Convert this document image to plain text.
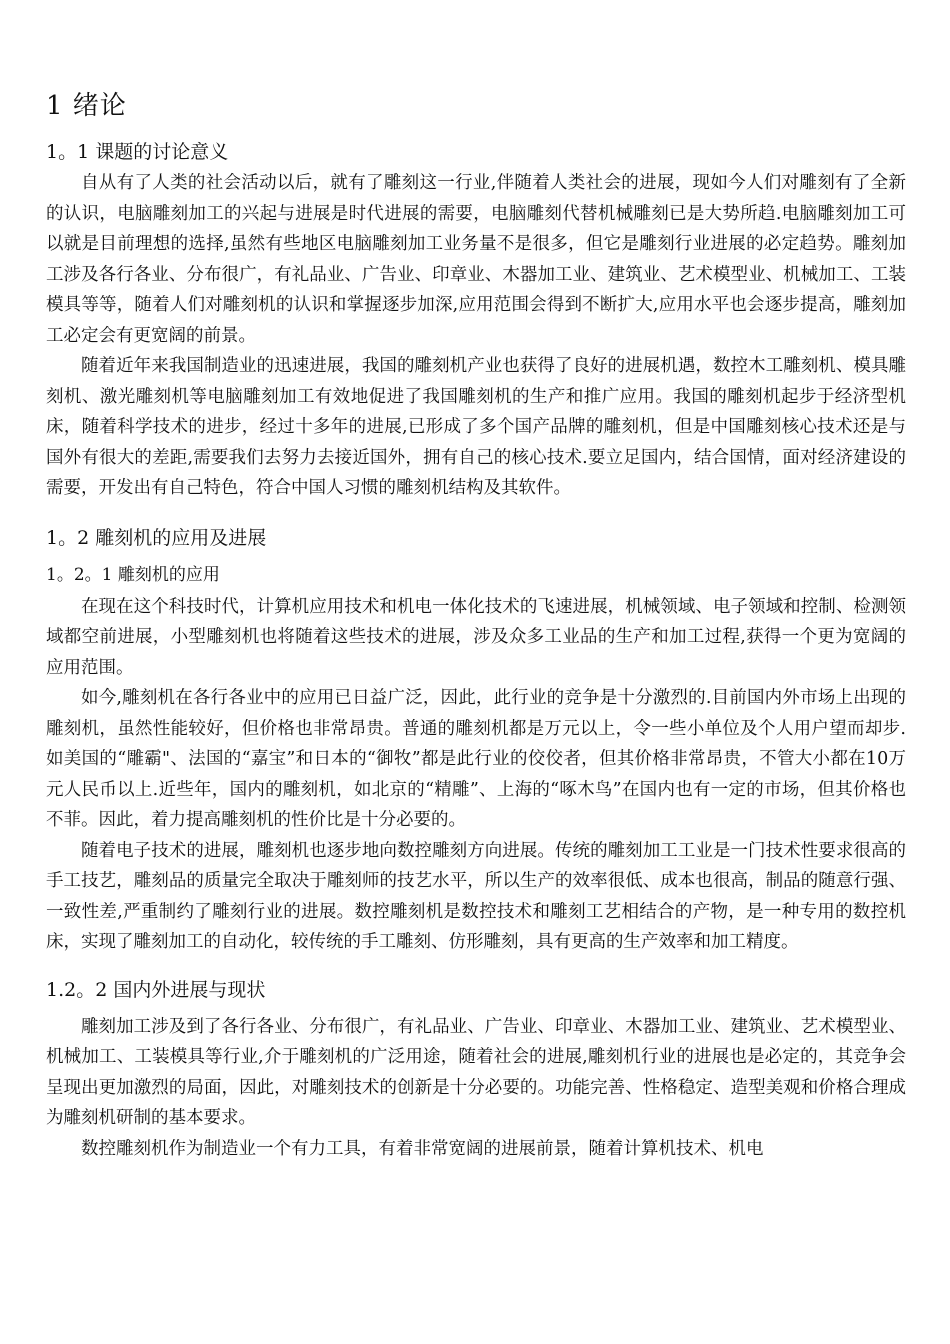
1 绪论
1。1 课题的讨论意义

自从有了人类的社会活动以后，就有了雕刻这一行业,伴随着人类社会的进展，现如今人们对雕刻有了全新的认识，电脑雕刻加工的兴起与进展是时代进展的需要，电脑雕刻代替机械雕刻已是大势所趋.电脑雕刻加工可以就是目前理想的选择,虽然有些地区电脑雕刻加工业务量不是很多，但它是雕刻行业进展的必定趋势。雕刻加工涉及各行各业、分布很广，有礼品业、广告业、印章业、木器加工业、建筑业、艺术模型业、机械加工、工装模具等等，随着人们对雕刻机的认识和掌握逐步加深,应用范围会得到不断扩大,应用水平也会逐步提高，雕刻加工必定会有更宽阔的前景。

随着近年来我国制造业的迅速进展，我国的雕刻机产业也获得了良好的进展机遇，数控木工雕刻机、模具雕刻机、激光雕刻机等电脑雕刻加工有效地促进了我国雕刻机的生产和推广应用。我国的雕刻机起步于经济型机床，随着科学技术的进步，经过十多年的进展,已形成了多个国产品牌的雕刻机，但是中国雕刻核心技术还是与国外有很大的差距,需要我们去努力去接近国外，拥有自己的核心技术.要立足国内，结合国情，面对经济建设的需要，开发出有自己特色，符合中国人习惯的雕刻机结构及其软件。

1。2 雕刻机的应用及进展
1。2。1 雕刻机的应用

在现在这个科技时代，计算机应用技术和机电一体化技术的飞速进展，机械领域、电子领域和控制、检测领域都空前进展，小型雕刻机也将随着这些技术的进展，涉及众多工业品的生产和加工过程,获得一个更为宽阔的应用范围。

如今,雕刻机在各行各业中的应用已日益广泛，因此，此行业的竞争是十分激烈的.目前国内外市场上出现的雕刻机，虽然性能较好，但价格也非常昂贵。普通的雕刻机都是万元以上，令一些小单位及个人用户望而却步.如美国的“雕霸"、法国的“嘉宝”和日本的“御牧”都是此行业的佼佼者，但其价格非常昂贵，不管大小都在10万元人民币以上.近些年，国内的雕刻机，如北京的“精雕”、上海的“啄木鸟”在国内也有一定的市场，但其价格也不菲。因此，着力提高雕刻机的性价比是十分必要的。

随着电子技术的进展，雕刻机也逐步地向数控雕刻方向进展。传统的雕刻加工工业是一门技术性要求很高的手工技艺，雕刻品的质量完全取决于雕刻师的技艺水平，所以生产的效率很低、成本也很高，制品的随意行强、一致性差,严重制约了雕刻行业的进展。数控雕刻机是数控技术和雕刻工艺相结合的产物，是一种专用的数控机床，实现了雕刻加工的自动化，较传统的手工雕刻、仿形雕刻，具有更高的生产效率和加工精度。

1.2。2 国内外进展与现状

雕刻加工涉及到了各行各业、分布很广，有礼品业、广告业、印章业、木器加工业、建筑业、艺术模型业、机械加工、工装模具等行业,介于雕刻机的广泛用途，随着社会的进展,雕刻机行业的进展也是必定的，其竞争会呈现出更加激烈的局面，因此，对雕刻技术的创新是十分必要的。功能完善、性格稳定、造型美观和价格合理成为雕刻机研制的基本要求。

数控雕刻机作为制造业一个有力工具，有着非常宽阔的进展前景，随着计算机技术、机电
